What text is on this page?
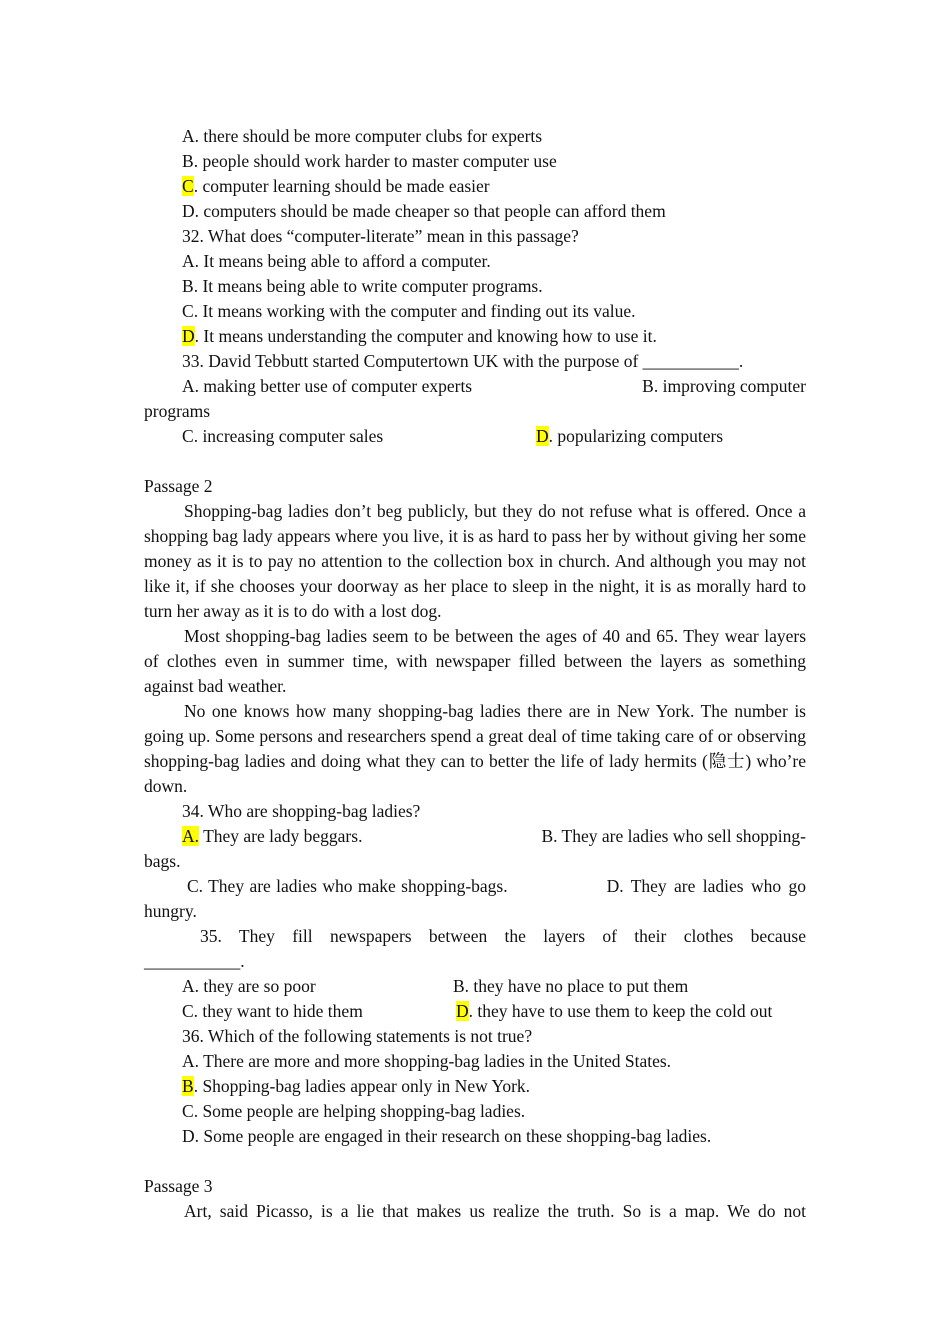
A. there should be more computer clubs for experts
B. people should work harder to master computer use
C. computer learning should be made easier
D. computers should be made cheaper so that people can afford them
32. What does “computer-literate” mean in this passage?
A. It means being able to afford a computer.
B. It means being able to write computer programs.
C. It means working with the computer and finding out its value.
D. It means understanding the computer and knowing how to use it.
33. David Tebbutt started Computertown UK with the purpose of ___________.
A. making better use of computer experts	B. improving computer
programs
C. increasing computer sales	D. popularizing computers
Passage 2

Shopping-bag ladies don’t beg publicly, but they do not refuse what is offered. Once a shopping bag lady appears where you live, it is as hard to pass her by without giving her some money as it is to pay no attention to the collection box in church. And although you may not like it, if she chooses your doorway as her place to sleep in the night, it is as morally hard to turn her away as it is to do with a lost dog.

Most shopping-bag ladies seem to be between the ages of 40 and 65. They wear layers of clothes even in summer time, with newspaper filled between the layers as something against bad weather.

No one knows how many shopping-bag ladies there are in New York. The number is going up. Some persons and researchers spend a great deal of time taking care of or observing shopping-bag ladies and doing what they can to better the life of lady hermits (隐士) who’re down.

34. Who are shopping-bag ladies?
A. They are lady beggars.	B. They are ladies who sell shopping-
bags.
C. They are ladies who make shopping-bags.	D. They are ladies who go
hungry.
35. They fill newspapers between the layers of their clothes because
___________.
A. they are so poor	B. they have no place to put them
C. they want to hide them	D. they have to use them to keep the cold out
36. Which of the following statements is not true?
A. There are more and more shopping-bag ladies in the United States.
B. Shopping-bag ladies appear only in New York.
C. Some people are helping shopping-bag ladies.
D. Some people are engaged in their research on these shopping-bag ladies.
Passage 3
Art, said Picasso, is a lie that makes us realize the truth. So is a map. We do not
